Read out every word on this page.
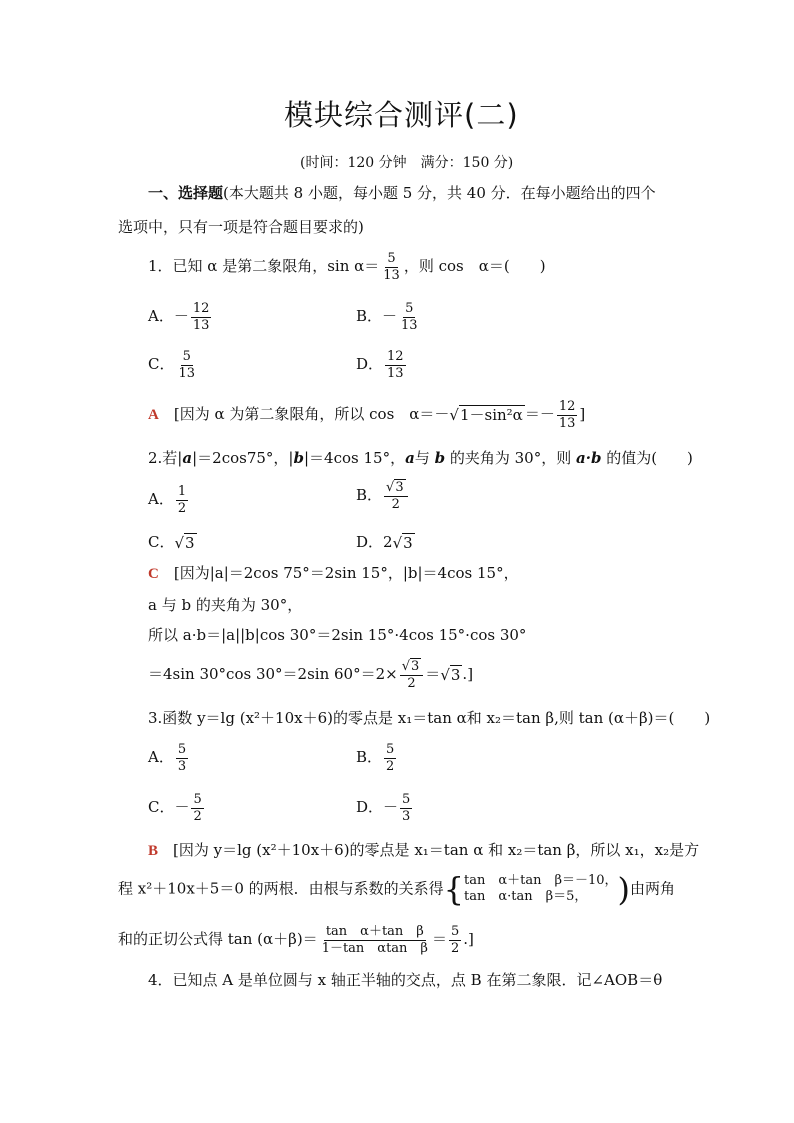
模块综合测评(二)
(时间：120 分钟　满分：150 分)
一、选择题(本大题共 8 小题，每小题 5 分，共 40 分．在每小题给出的四个
选项中，只有一项是符合题目要求的)
1．已知 α 是第二象限角，$\sin \alpha= \frac{5}{13}$ ，则 cos　α＝(　　)
A．－ $\frac{12}{13}$	B．－ $\frac{5}{13}$
C． $\frac{5}{13}$	D． $\frac{12}{13}$
A　 [因为 α 为第二象限角，所以 cos　$\alpha=-√1-\sin^2\alpha =- \frac{12}{13}$ ]
2.若|a|＝2cos75°，|b|＝4cos 15°，a与 b 的夹角为 30°，则 a·b 的值为(　　)
A． $\frac{1}{2}$	B． $\frac{√3}{2}$
C．√3	D．2√3
C　 [因为|a|＝2cos 75°＝2sin 15°，|b|＝4cos 15°，
a 与 b 的夹角为 30°，
所以 a·b＝|a||b|cos 30°＝2sin 15°·4cos 15°·cos 30°
＝4sin 30°cos 30°＝2sin $60^\circ=2\times \frac{√3}{2} =√3$ .]
3.函数 y＝lg (x²＋10x＋6)的零点是 x₁＝tan α和 x₂＝tan β,则 tan (α＋β)＝(　　)
A． $\frac{5}{3}$	B． $\frac{5}{2}$
C．－ $\frac{5}{2}$	D．－ $\frac{5}{3}$
B　 [因为 y＝lg (x²＋10x＋6)的零点是 x₁＝tan α 和 x₂＝tan β，所以 x₁，x₂是方
程 x²＋10x＋5＝0 的两根．由根与系数的关系得{ tan　α＋tan　β＝－10，
tan　α·tan　β＝5， )由两角
和的正切公式得 $\tan (\alpha+\beta)= \frac{\text{tan　α＋tan　β}}{\text{1－tan　αtan　β}} = \frac{5}{2}$ .]
4．已知点 A 是单位圆与 x 轴正半轴的交点，点 B 在第二象限．记∠AOB＝θ
